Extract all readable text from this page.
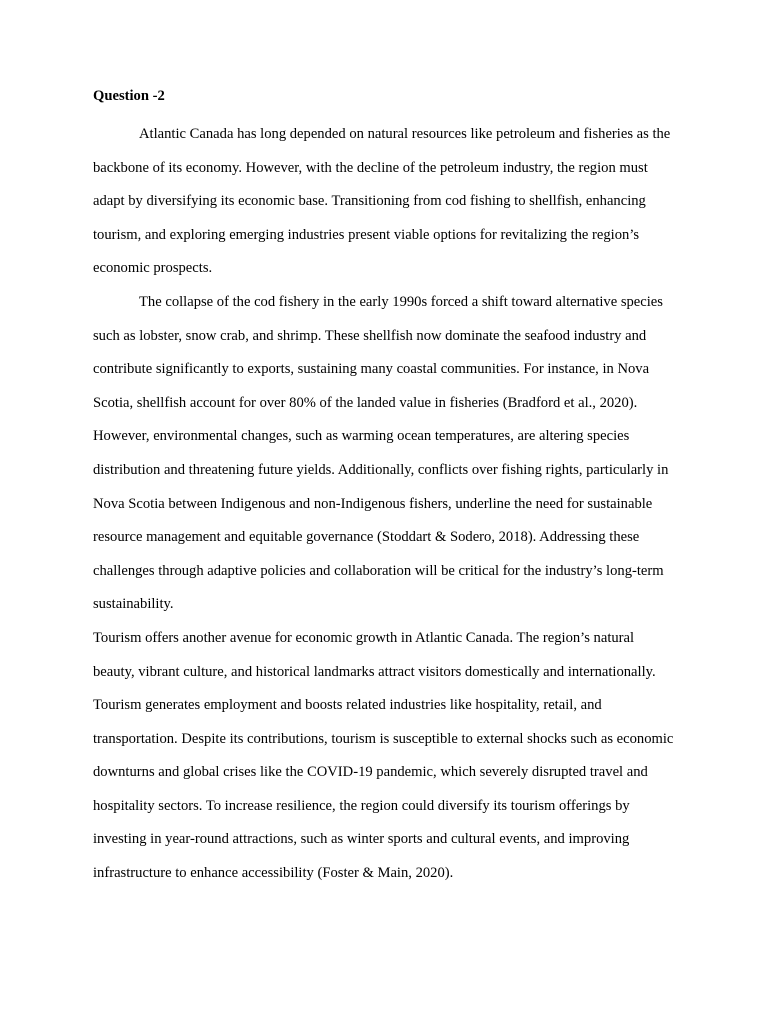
Question -2

Atlantic Canada has long depended on natural resources like petroleum and fisheries as the backbone of its economy. However, with the decline of the petroleum industry, the region must adapt by diversifying its economic base. Transitioning from cod fishing to shellfish, enhancing tourism, and exploring emerging industries present viable options for revitalizing the region’s economic prospects.

The collapse of the cod fishery in the early 1990s forced a shift toward alternative species such as lobster, snow crab, and shrimp. These shellfish now dominate the seafood industry and contribute significantly to exports, sustaining many coastal communities. For instance, in Nova Scotia, shellfish account for over 80% of the landed value in fisheries (Bradford et al., 2020). However, environmental changes, such as warming ocean temperatures, are altering species distribution and threatening future yields. Additionally, conflicts over fishing rights, particularly in Nova Scotia between Indigenous and non-Indigenous fishers, underline the need for sustainable resource management and equitable governance (Stoddart & Sodero, 2018). Addressing these challenges through adaptive policies and collaboration will be critical for the industry’s long-term sustainability.

Tourism offers another avenue for economic growth in Atlantic Canada. The region’s natural beauty, vibrant culture, and historical landmarks attract visitors domestically and internationally. Tourism generates employment and boosts related industries like hospitality, retail, and transportation. Despite its contributions, tourism is susceptible to external shocks such as economic downturns and global crises like the COVID-19 pandemic, which severely disrupted travel and hospitality sectors. To increase resilience, the region could diversify its tourism offerings by investing in year-round attractions, such as winter sports and cultural events, and improving infrastructure to enhance accessibility (Foster & Main, 2020).
